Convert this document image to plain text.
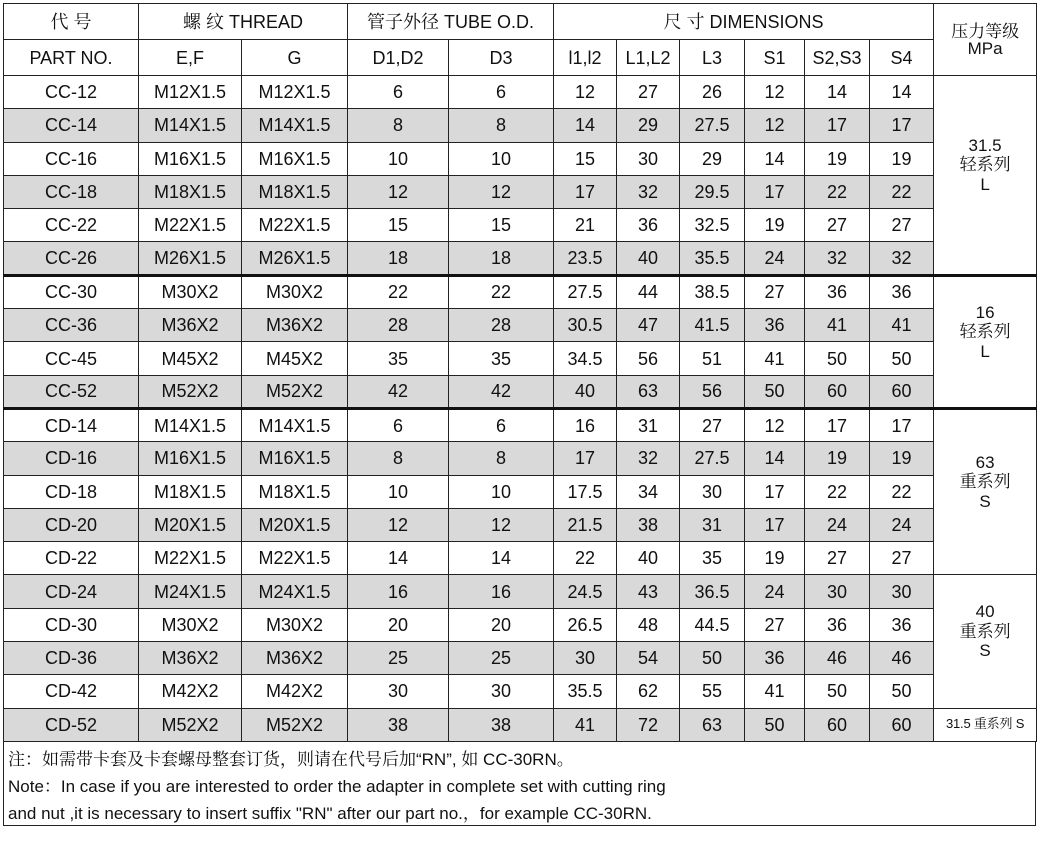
代 号	螺 纹 THREAD		管子外径 TUBE O.D.		尺 寸 DIMENSIONS						压力等级
MPa
PART NO.	E,F	G	D1,D2	D3	l1,l2	L1,L2	L3	S1	S2,S3	S4	
CC-12	M12X1.5	M12X1.5	6	6	12	27	26	12	14	14	31.5
轻系列
L
CC-14	M14X1.5	M14X1.5	8	8	14	29	27.5	12	17	17	
CC-16	M16X1.5	M16X1.5	10	10	15	30	29	14	19	19	
CC-18	M18X1.5	M18X1.5	12	12	17	32	29.5	17	22	22	
CC-22	M22X1.5	M22X1.5	15	15	21	36	32.5	19	27	27	
CC-26	M26X1.5	M26X1.5	18	18	23.5	40	35.5	24	32	32	
CC-30	M30X2	M30X2	22	22	27.5	44	38.5	27	36	36	16
轻系列
L
CC-36	M36X2	M36X2	28	28	30.5	47	41.5	36	41	41	
CC-45	M45X2	M45X2	35	35	34.5	56	51	41	50	50	
CC-52	M52X2	M52X2	42	42	40	63	56	50	60	60	
CD-14	M14X1.5	M14X1.5	6	6	16	31	27	12	17	17	63
重系列
S
CD-16	M16X1.5	M16X1.5	8	8	17	32	27.5	14	19	19	
CD-18	M18X1.5	M18X1.5	10	10	17.5	34	30	17	22	22	
CD-20	M20X1.5	M20X1.5	12	12	21.5	38	31	17	24	24	
CD-22	M22X1.5	M22X1.5	14	14	22	40	35	19	27	27	
CD-24	M24X1.5	M24X1.5	16	16	24.5	43	36.5	24	30	30	40
重系列
S
CD-30	M30X2	M30X2	20	20	26.5	48	44.5	27	36	36	
CD-36	M36X2	M36X2	25	25	30	54	50	36	46	46	
CD-42	M42X2	M42X2	30	30	35.5	62	55	41	50	50	
CD-52	M52X2	M52X2	38	38	41	72	63	50	60	60	31.5 重系列 S
注：如需带卡套及卡套螺母整套订货，则请在代号后加“RN”, 如 CC-30RN。
Note：In case if you are interested to order the adapter in complete set with cutting ring
and nut ,it is necessary to insert suffix "RN" after our part no.，for example CC-30RN.
